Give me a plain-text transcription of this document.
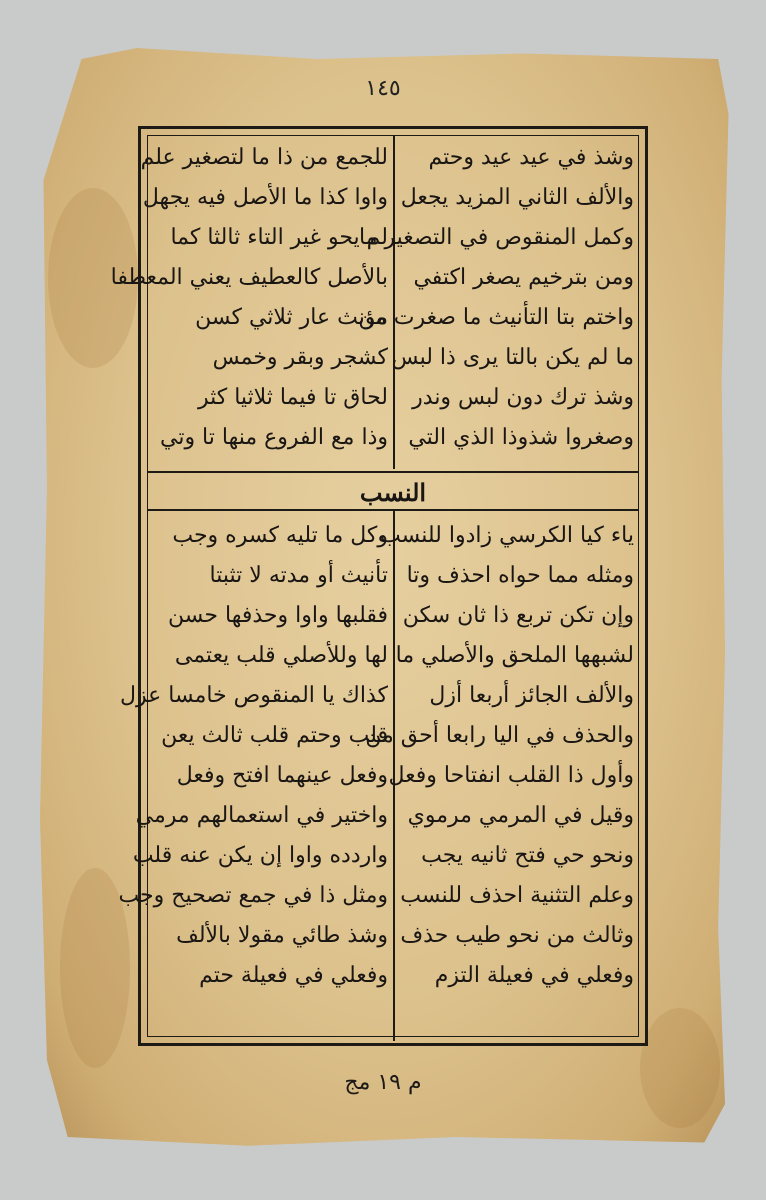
١٤٥
النسب
وشذ في عيد عيد وحتم
والألف الثاني المزيد يجعل
وكمل المنقوص في التصغير ما
ومن بترخيم يصغر اكتفي
واختم بتا التأنيث ما صغرت من
ما لم يكن بالتا يرى ذا لبس
وشذ ترك دون لبس وندر
وصغروا شذوذا الذي التي
للجمع من ذا ما لتصغير علم
واوا كذا ما الأصل فيه يجهل
لم يحو غير التاء ثالثا كما
بالأصل كالعطيف يعني المعطفا
مؤنث عار ثلاثي كسن
كشجر وبقر وخمس
لحاق تا فيما ثلاثيا كثر
وذا مع الفروع منها تا وتي
ياء كيا الكرسي زادوا للنسب
ومثله مما حواه احذف وتا
وإن تكن تربع ذا ثان سكن
لشبهها الملحق والأصلي ما
والألف الجائز أربعا أزل
والحذف في اليا رابعا أحق من
وأول ذا القلب انفتاحا وفعل
وقيل في المرمي مرموي
ونحو حي فتح ثانيه يجب
وعلم التثنية احذف للنسب
وثالث من نحو طيب حذف
وفعلي في فعيلة التزم
وكل ما تليه كسره وجب
تأنيث أو مدته لا تثبتا
فقلبها واوا وحذفها حسن
لها وللأصلي قلب يعتمى
كذاك يا المنقوص خامسا عزل
قلب وحتم قلب ثالث يعن
وفعل عينهما افتح وفعل
واختير في استعمالهم مرمي
واردده واوا إن يكن عنه قلب
ومثل ذا في جمع تصحيح وجب
وشذ طائي مقولا بالألف
وفعلي في فعيلة حتم
م ١٩ مج
